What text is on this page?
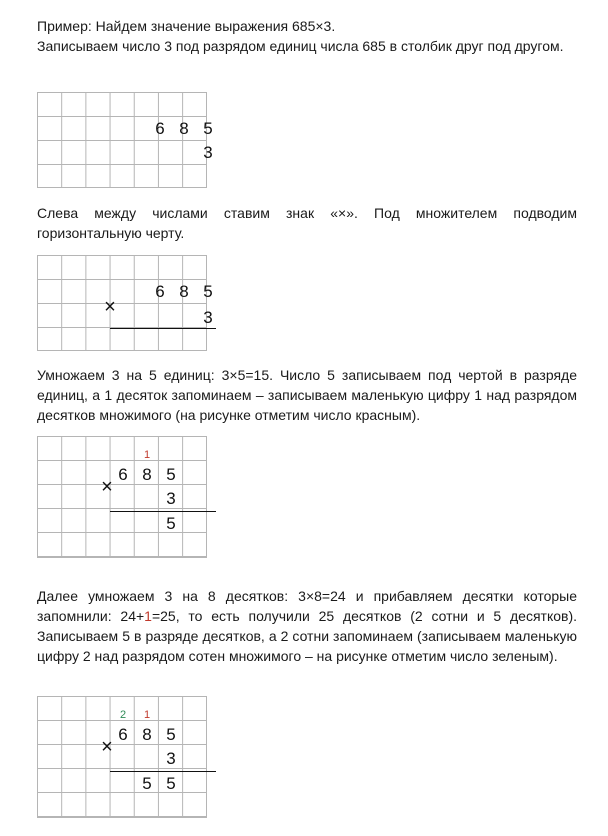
Пример: Найдем значение выражения 685×3.
Записываем число 3 под разрядом единиц числа 685 в столбик друг под другом.

6 8 5
3

Слева между числами ставим знак «×». Под множителем подводим горизонтальную черту.

6 8 5
×	3

Умножаем 3 на 5 единиц: 3×5=15. Число 5 записываем под чертой в разряде единиц, а 1 десяток запоминаем – записываем маленькую цифру 1 над разрядом десятков множимого (на рисунке отметим число красным).

1
6 8 5
×
3
5

Далее умножаем 3 на 8 десятков: 3×8=24 и прибавляем десятки которые запомнили: 24+1=25, то есть получили 25 десятков (2 сотни и 5 десятков). Записываем 5 в разряде десятков, а 2 сотни запоминаем (записываем маленькую цифру 2 над разрядом сотен множимого – на рисунке отметим число зеленым).

2	1
6 8 5
×
3
5 5
